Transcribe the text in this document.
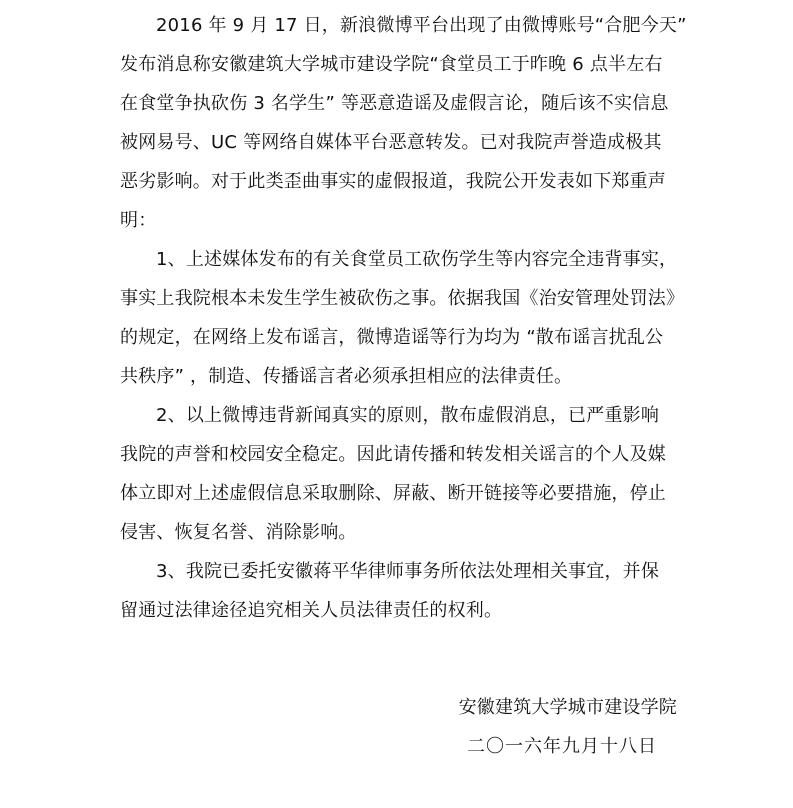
2016 年 9 月 17 日，新浪微博平台出现了由微博账号“合肥今天”
发布消息称安徽建筑大学城市建设学院“食堂员工于昨晚 6 点半左右
在食堂争执砍伤 3 名学生” 等恶意造谣及虚假言论，随后该不实信息
被网易号、UC 等网络自媒体平台恶意转发。已对我院声誉造成极其
恶劣影响。对于此类歪曲事实的虚假报道，我院公开发表如下郑重声
明：
1、上述媒体发布的有关食堂员工砍伤学生等内容完全违背事实，
事实上我院根本未发生学生被砍伤之事。依据我国《治安管理处罚法》
的规定，在网络上发布谣言，微博造谣等行为均为 “散布谣言扰乱公
共秩序” ，制造、传播谣言者必须承担相应的法律责任。
2、以上微博违背新闻真实的原则，散布虚假消息，已严重影响
我院的声誉和校园安全稳定。因此请传播和转发相关谣言的个人及媒
体立即对上述虚假信息采取删除、屏蔽、断开链接等必要措施，停止
侵害、恢复名誉、消除影响。
3、我院已委托安徽蒋平华律师事务所依法处理相关事宜，并保
留通过法律途径追究相关人员法律责任的权利。
安徽建筑大学城市建设学院
二〇一六年九月十八日
